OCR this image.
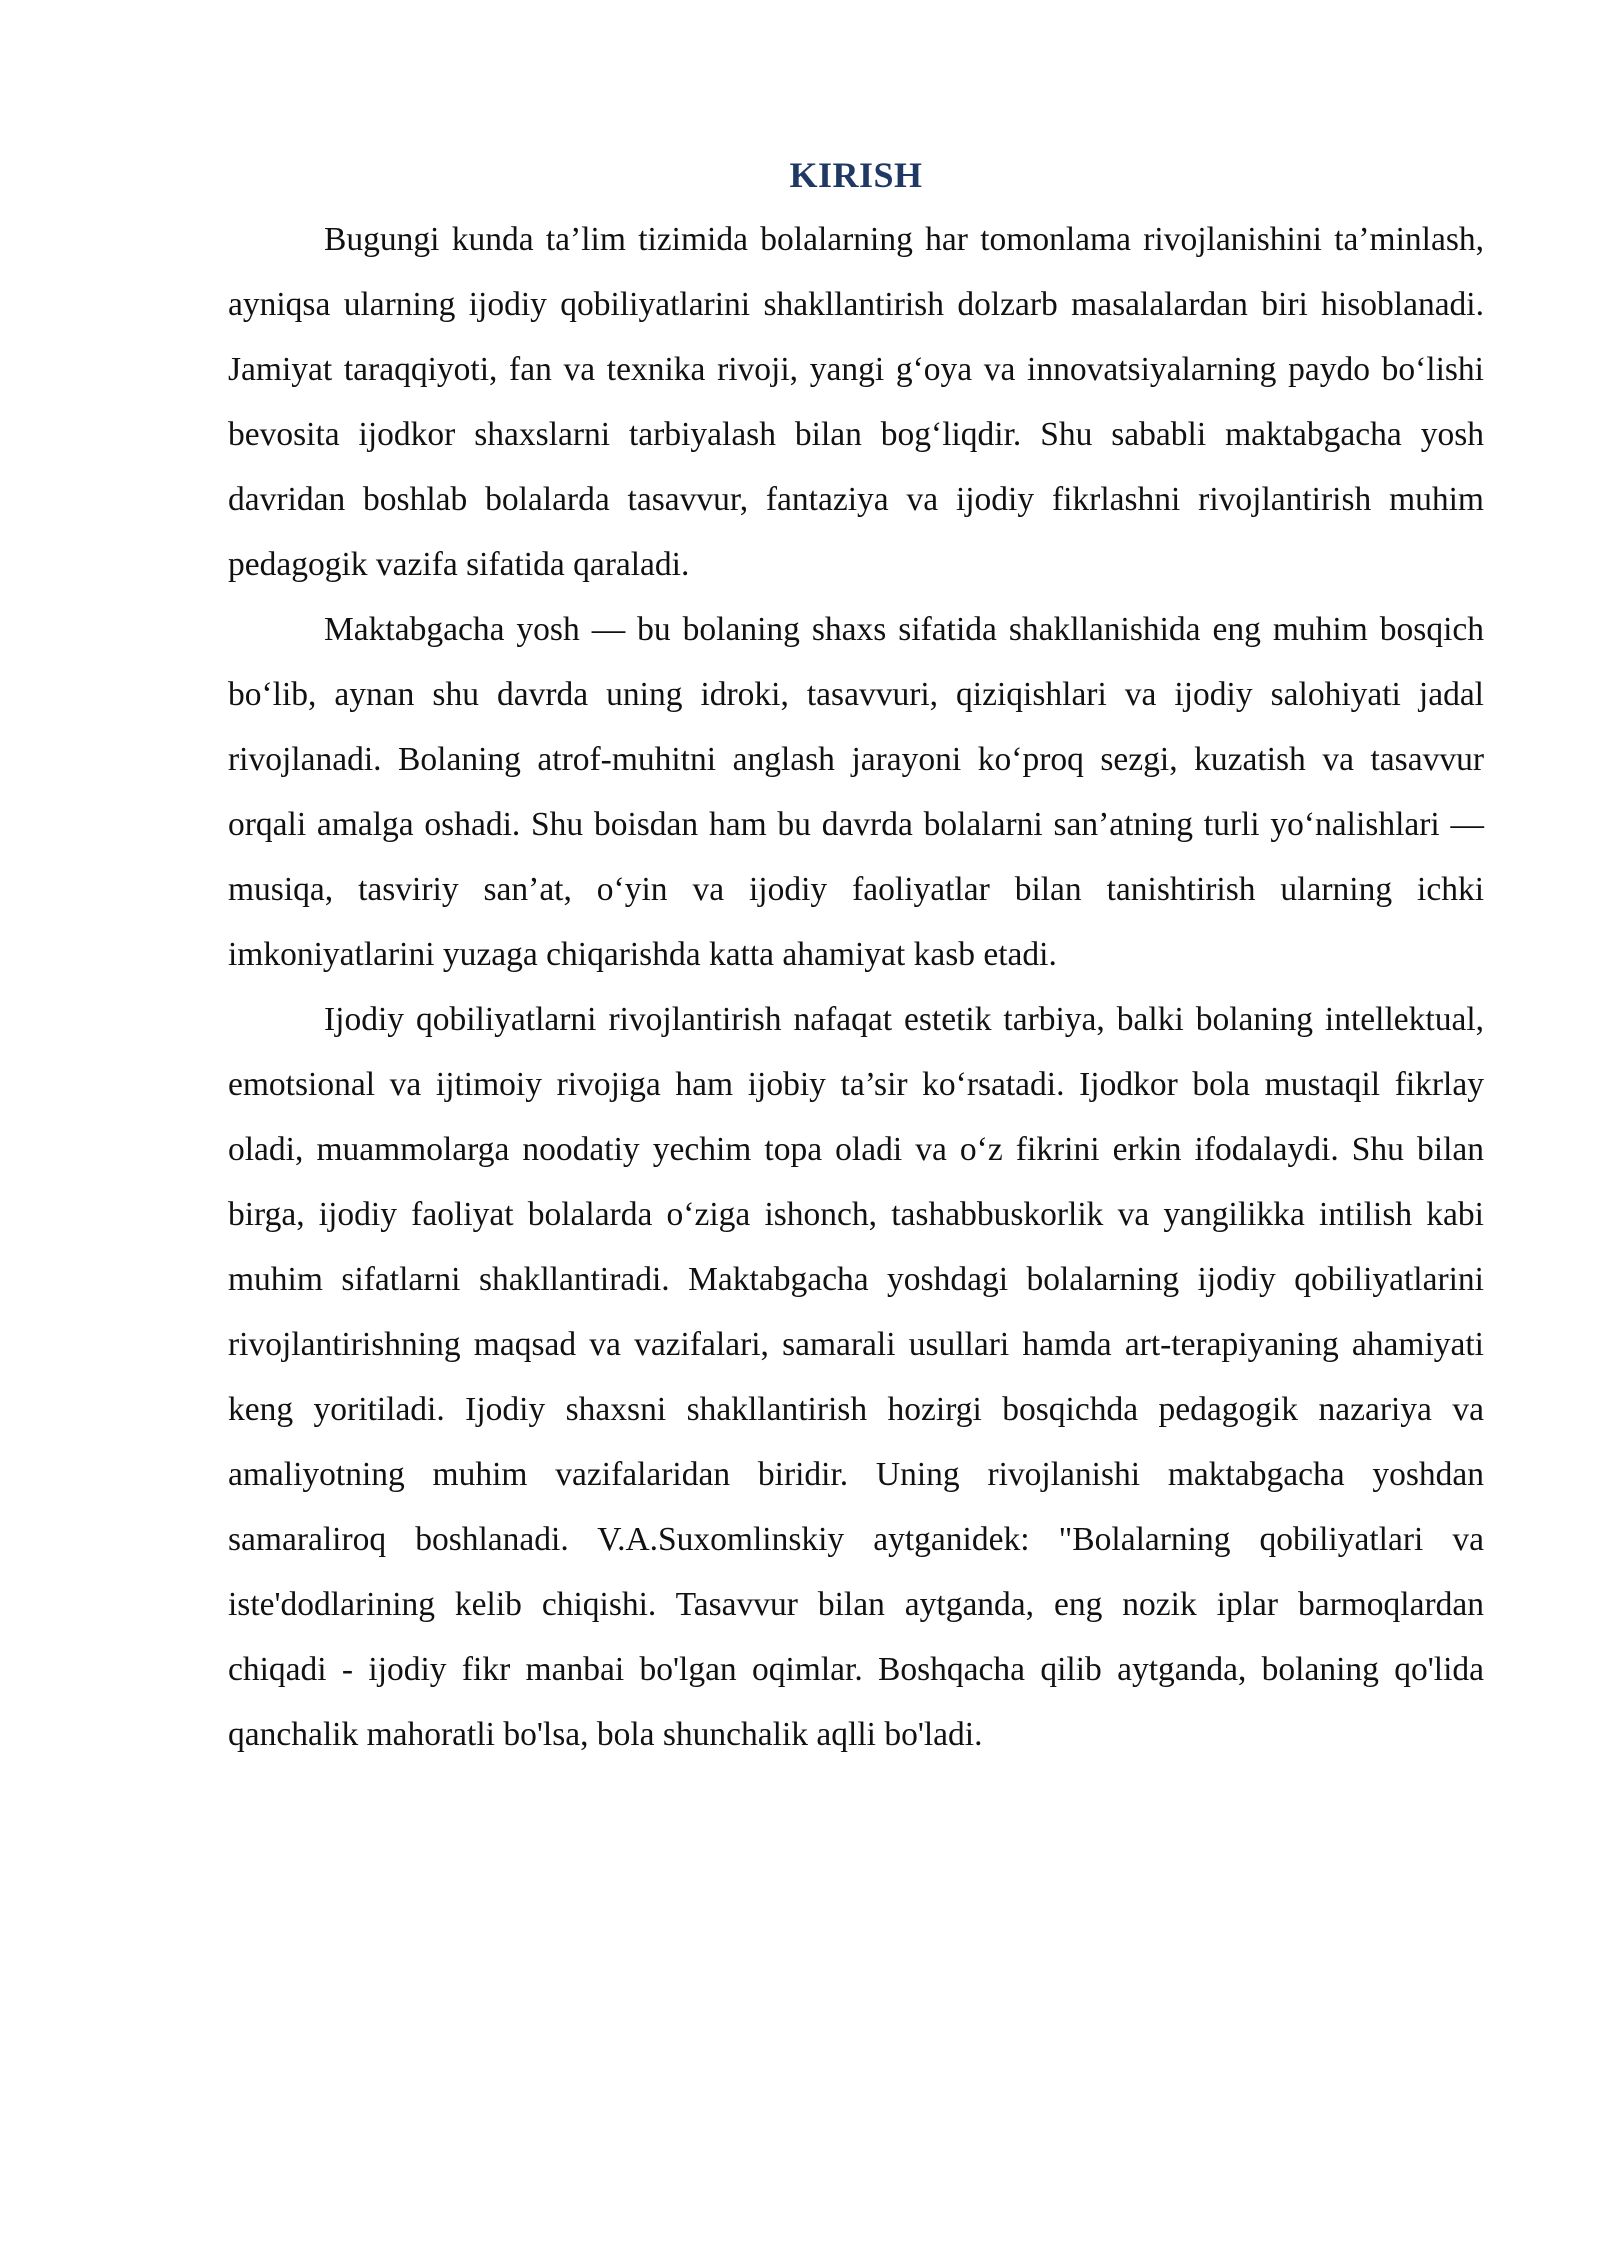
KIRISH

Bugungi kunda ta’lim tizimida bolalarning har tomonlama rivojlanishini ta’minlash, ayniqsa ularning ijodiy qobiliyatlarini shakllantirish dolzarb masalalardan biri hisoblanadi. Jamiyat taraqqiyoti, fan va texnika rivoji, yangi g‘oya va innovatsiyalarning paydo bo‘lishi bevosita ijodkor shaxslarni tarbiyalash bilan bog‘liqdir. Shu sababli maktabgacha yosh davridan boshlab bolalarda tasavvur, fantaziya va ijodiy fikrlashni rivojlantirish muhim pedagogik vazifa sifatida qaraladi.

Maktabgacha yosh — bu bolaning shaxs sifatida shakllanishida eng muhim bosqich bo‘lib, aynan shu davrda uning idroki, tasavvuri, qiziqishlari va ijodiy salohiyati jadal rivojlanadi. Bolaning atrof-muhitni anglash jarayoni ko‘proq sezgi, kuzatish va tasavvur orqali amalga oshadi. Shu boisdan ham bu davrda bolalarni san’atning turli yo‘nalishlari — musiqa, tasviriy san’at, o‘yin va ijodiy faoliyatlar bilan tanishtirish ularning ichki imkoniyatlarini yuzaga chiqarishda katta ahamiyat kasb etadi.

Ijodiy qobiliyatlarni rivojlantirish nafaqat estetik tarbiya, balki bolaning intellektual, emotsional va ijtimoiy rivojiga ham ijobiy ta’sir ko‘rsatadi. Ijodkor bola mustaqil fikrlay oladi, muammolarga noodatiy yechim topa oladi va o‘z fikrini erkin ifodalaydi. Shu bilan birga, ijodiy faoliyat bolalarda o‘ziga ishonch, tashabbuskorlik va yangilikka intilish kabi muhim sifatlarni shakllantiradi. Maktabgacha yoshdagi bolalarning ijodiy qobiliyatlarini rivojlantirishning maqsad va vazifalari, samarali usullari hamda art-terapiyaning ahamiyati keng yoritiladi. Ijodiy shaxsni shakllantirish hozirgi bosqichda pedagogik nazariya va amaliyotning muhim vazifalaridan biridir. Uning rivojlanishi maktabgacha yoshdan samaraliroq boshlanadi. V.A.Suxomlinskiy aytganidek: "Bolalarning qobiliyatlari va iste'dodlarining kelib chiqishi. Tasavvur bilan aytganda, eng nozik iplar barmoqlardan chiqadi - ijodiy fikr manbai bo'lgan oqimlar. Boshqacha qilib aytganda, bolaning qo'lida qanchalik mahoratli bo'lsa, bola shunchalik aqlli bo'ladi.
